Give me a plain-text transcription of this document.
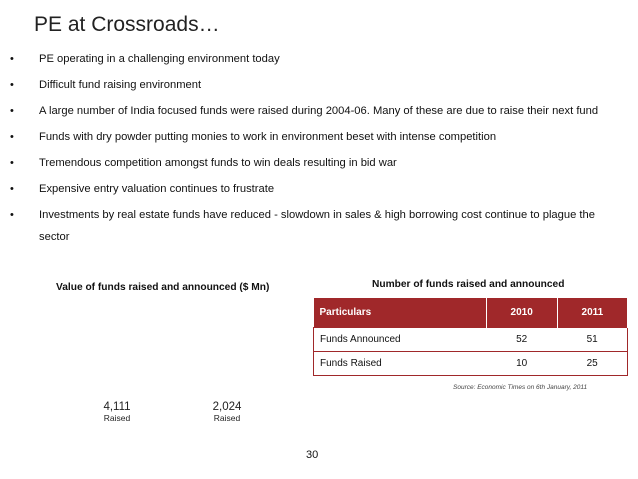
PE at Crossroads…
• PE operating in a challenging environment today
• Difficult fund raising environment
• A large number of India focused funds were raised during 2004-06. Many of these are due to raise their next fund
• Funds with dry powder putting monies to work in environment beset with intense competition
• Tremendous competition amongst funds to win deals resulting in bid war
• Expensive entry valuation continues to frustrate
• Investments by real estate funds have reduced - slowdown in sales & high borrowing cost continue to plague the sector
Value of funds raised and announced ($ Mn)
4,111
Raised
2,024
Raised
Number of funds raised and announced
Particulars	2010	2011
Funds Announced	52	51
Funds Raised	10	25
Source: Economic Times on 6th January, 2011
30
